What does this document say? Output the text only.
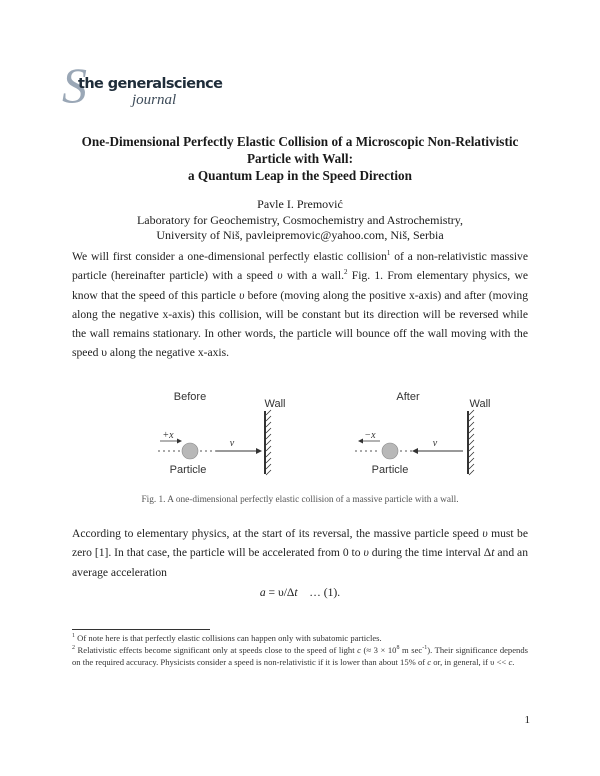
S
the generalscience
journal
One-Dimensional Perfectly Elastic Collision of a Microscopic Non-Relativistic
Particle with Wall:
a Quantum Leap in the Speed Direction
Pavle I. Premović
Laboratory for Geochemistry, Cosmochemistry and Astrochemistry,
University of Niš, pavleipremovic@yahoo.com, Niš, Serbia
We will first consider a one-dimensional perfectly elastic collision$^1$ of a non-relativistic massive particle (hereinafter particle) with a speed υ with a wall.$^2$ Fig. 1. From elementary physics, we know that the speed of this particle υ before (moving along the positive x-axis) and after (moving along the negative x-axis) this collision, will be constant but its direction will be reversed while the wall remains stationary. In other words, the particle will bounce off the wall moving with the speed υ along the negative x-axis.
Before
Wall
+x
v
Particle
After
Wall
−x
v
Particle
Fig. 1. A one-dimensional perfectly elastic collision of a massive particle with a wall.
According to elementary physics, at the start of its reversal, the massive particle speed υ must be zero [1]. In that case, the particle will be accelerated from 0 to υ during the time interval Δt and an average acceleration
a = υ/Δt    … (1).
$^1$ Of note here is that perfectly elastic collisions can happen only with subatomic particles.
$^2$ Relativistic effects become significant only at speeds close to the speed of light c (≈ $3 \times 10^8$ m $\sec^{-1}$). Their significance depends on the required accuracy. Physicists consider a speed is non-relativistic if it is lower than about 15% of c or, in general, if υ << c.
1
